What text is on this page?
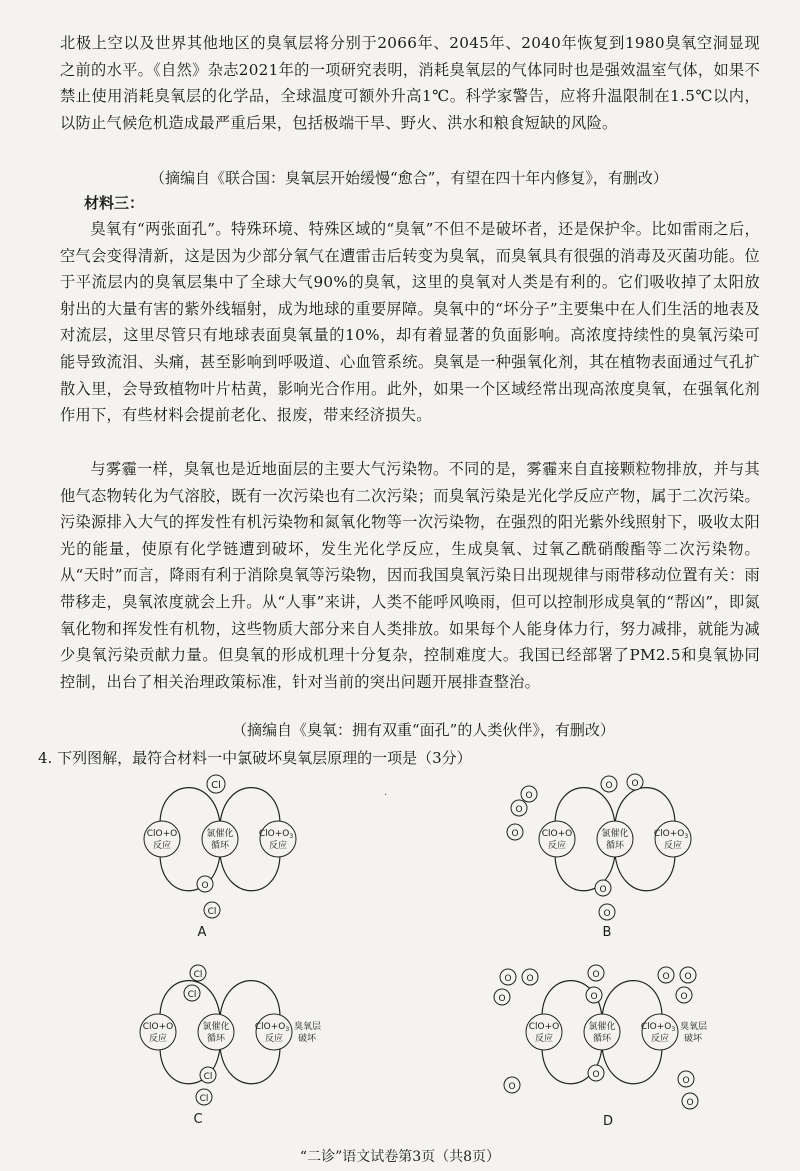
北极上空以及世界其他地区的臭氧层将分别于2066年、2045年、2040年恢复到1980臭氧空洞显现之前的水平。《自然》杂志2021年的一项研究表明，消耗臭氧层的气体同时也是强效温室气体，如果不禁止使用消耗臭氧层的化学品，全球温度可额外升高1℃。科学家警告，应将升温限制在1.5℃以内，以防止气候危机造成最严重后果，包括极端干旱、野火、洪水和粮食短缺的风险。

（摘编自《联合国：臭氧层开始缓慢“愈合”，有望在四十年内修复》，有删改）

材料三：

臭氧有“两张面孔”。特殊环境、特殊区域的“臭氧”不但不是破坏者，还是保护伞。比如雷雨之后，空气会变得清新，这是因为少部分氧气在遭雷击后转变为臭氧，而臭氧具有很强的消毒及灭菌功能。位于平流层内的臭氧层集中了全球大气90%的臭氧，这里的臭氧对人类是有利的。它们吸收掉了太阳放射出的大量有害的紫外线辐射，成为地球的重要屏障。臭氧中的“坏分子”主要集中在人们生活的地表及对流层，这里尽管只有地球表面臭氧量的10%，却有着显著的负面影响。高浓度持续性的臭氧污染可能导致流泪、头痛，甚至影响到呼吸道、心血管系统。臭氧是一种强氧化剂，其在植物表面通过气孔扩散入里，会导致植物叶片枯黄，影响光合作用。此外，如果一个区域经常出现高浓度臭氧，在强氧化剂作用下，有些材料会提前老化、报废，带来经济损失。

与雾霾一样，臭氧也是近地面层的主要大气污染物。不同的是，雾霾来自直接颗粒物排放，并与其他气态物转化为气溶胶，既有一次污染也有二次污染；而臭氧污染是光化学反应产物，属于二次污染。污染源排入大气的挥发性有机污染物和氮氧化物等一次污染物，在强烈的阳光紫外线照射下，吸收太阳光的能量，使原有化学链遭到破坏，发生光化学反应，生成臭氧、过氧乙酰硝酸酯等二次污染物。从“天时”而言，降雨有利于消除臭氧等污染物，因而我国臭氧污染日出现规律与雨带移动位置有关：雨带移走，臭氧浓度就会上升。从“人事”来讲，人类不能呼风唤雨，但可以控制形成臭氧的“帮凶”，即氮氧化物和挥发性有机物，这些物质大部分来自人类排放。如果每个人能身体力行，努力减排，就能为减少臭氧污染贡献力量。但臭氧的形成机理十分复杂，控制难度大。我国已经部署了PM2.5和臭氧协同控制，出台了相关治理政策标准，针对当前的突出问题开展排查整治。

（摘编自《臭氧：拥有双重“面孔”的人类伙伴》，有删改）

4. 下列图解，最符合材料一中氯破坏臭氧层原理的一项是（3分）

·
Cl
ClO+O
反应
氯催化
循环
$ClO+O_3$
反应
O
Cl
A
O
O
O
O O
ClO+O
反应
氯催化
循环
$ClO+O_3$
反应
O
O
B
Cl
Cl
ClO+O
反应
氯催化
循环
$ClO+O_3$
反应
臭氧层
破坏
Cl
Cl
C
O O
O
O
O
O O
O
ClO+O
反应
氯催化
循环
$ClO+O_3$
反应
臭氧层
破坏
O
O
O
O
D

“二诊”语文试卷第3页（共8页）
